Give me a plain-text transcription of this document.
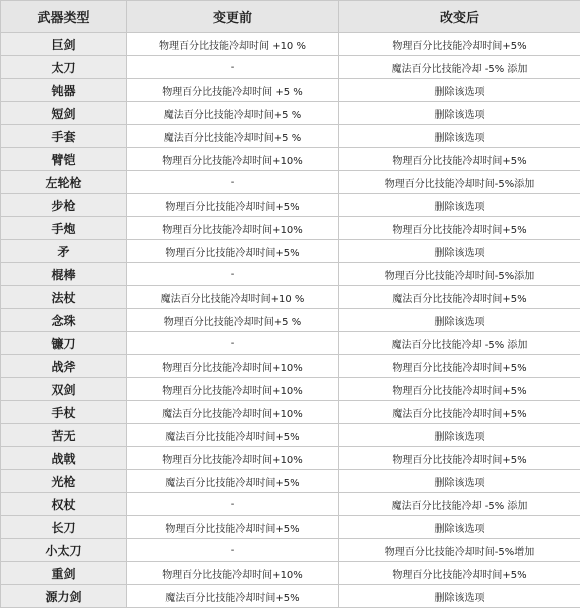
武器类型	变更前	改变后
巨剑	物理百分比技能冷却时间 +10 %	物理百分比技能冷却时间+5%
太刀	-	魔法百分比技能冷却 -5% 添加
钝器	物理百分比技能冷却时间 +5 %	删除该选项
短剑	魔法百分比技能冷却时间+5 %	删除该选项
手套	魔法百分比技能冷却时间+5 %	删除该选项
臂铠	物理百分比技能冷却时间+10%	物理百分比技能冷却时间+5%
左轮枪	-	物理百分比技能冷却时间-5%添加
步枪	物理百分比技能冷却时间+5%	删除该选项
手炮	物理百分比技能冷却时间+10%	物理百分比技能冷却时间+5%
矛	物理百分比技能冷却时间+5%	删除该选项
棍棒	-	物理百分比技能冷却时间-5%添加
法杖	魔法百分比技能冷却时间+10 %	魔法百分比技能冷却时间+5%
念珠	物理百分比技能冷却时间+5 %	删除该选项
镰刀	-	魔法百分比技能冷却 -5% 添加
战斧	物理百分比技能冷却时间+10%	物理百分比技能冷却时间+5%
双剑	物理百分比技能冷却时间+10%	物理百分比技能冷却时间+5%
手杖	魔法百分比技能冷却时间+10%	魔法百分比技能冷却时间+5%
苦无	魔法百分比技能冷却时间+5%	删除该选项
战戟	物理百分比技能冷却时间+10%	物理百分比技能冷却时间+5%
光枪	魔法百分比技能冷却时间+5%	删除该选项
权杖	-	魔法百分比技能冷却 -5% 添加
长刀	物理百分比技能冷却时间+5%	删除该选项
小太刀	-	物理百分比技能冷却时间-5%增加
重剑	物理百分比技能冷却时间+10%	物理百分比技能冷却时间+5%
源力剑	魔法百分比技能冷却时间+5%	删除该选项
